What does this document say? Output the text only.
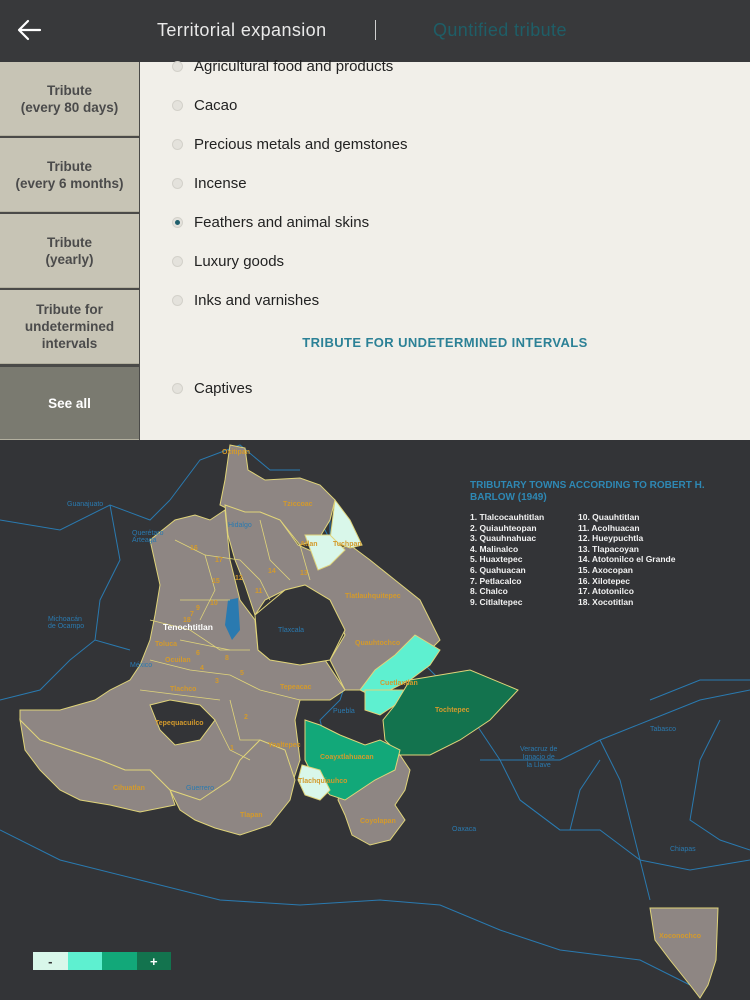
Territorial expansion	Quntified tribute
Tribute
(every 80 days)
Tribute
(every 6 months)
Tribute
(yearly)
Tribute for
undetermined
intervals
See all
Agricultural food and products
Cacao
Precious metals and gemstones
Incense
Feathers and animal skins
Luxury goods
Inks and varnishes
TRIBUTE FOR UNDETERMINED INTERVALS
Captives
Oxitipan
Tziccoac
Tuchpan
Atlan
Tlatlauhquitepec
Tenochtitlan
Toluca
Ocuilan
Tlachco	Tepeacac
Quauhtochco
Cuetlaxtlan
Tochtepec
Tepequacuilco
Yoaltepec
Coayxtlahuacan
Tlachquiauhco
Cihuatlan
Tlapan
Coyolapan
Xoconochco
Tlaxcala
Guanajuato
Querétaro
Arteaga
Hidalgo
Michoacán
de Ocampo
México
Puebla
Guerrero
Oaxaca
Veracruz de
Ignacio de
la Llave
Tabasco
Chiapas
1
2
3
4
5
6
7
8
9
10
11
12
13
14
15
16
17
18
-	+
TRIBUTARY TOWNS ACCORDING TO ROBERT H. BARLOW (1949)
1. Tlalcocauhtitlan
2. Quiauhteopan
3. Quauhnahuac
4. Malinalco
5. Huaxtepec
6. Quahuacan
7. Petlacalco
8. Chalco
9. Citlaltepec
10. Quauhtitlan
11. Acolhuacan
12. Hueypuchtla
13. Tlapacoyan
14. Atotonilco el Grande
15. Axocopan
16. Xilotepec
17. Atotonilco
18. Xocotitlan
